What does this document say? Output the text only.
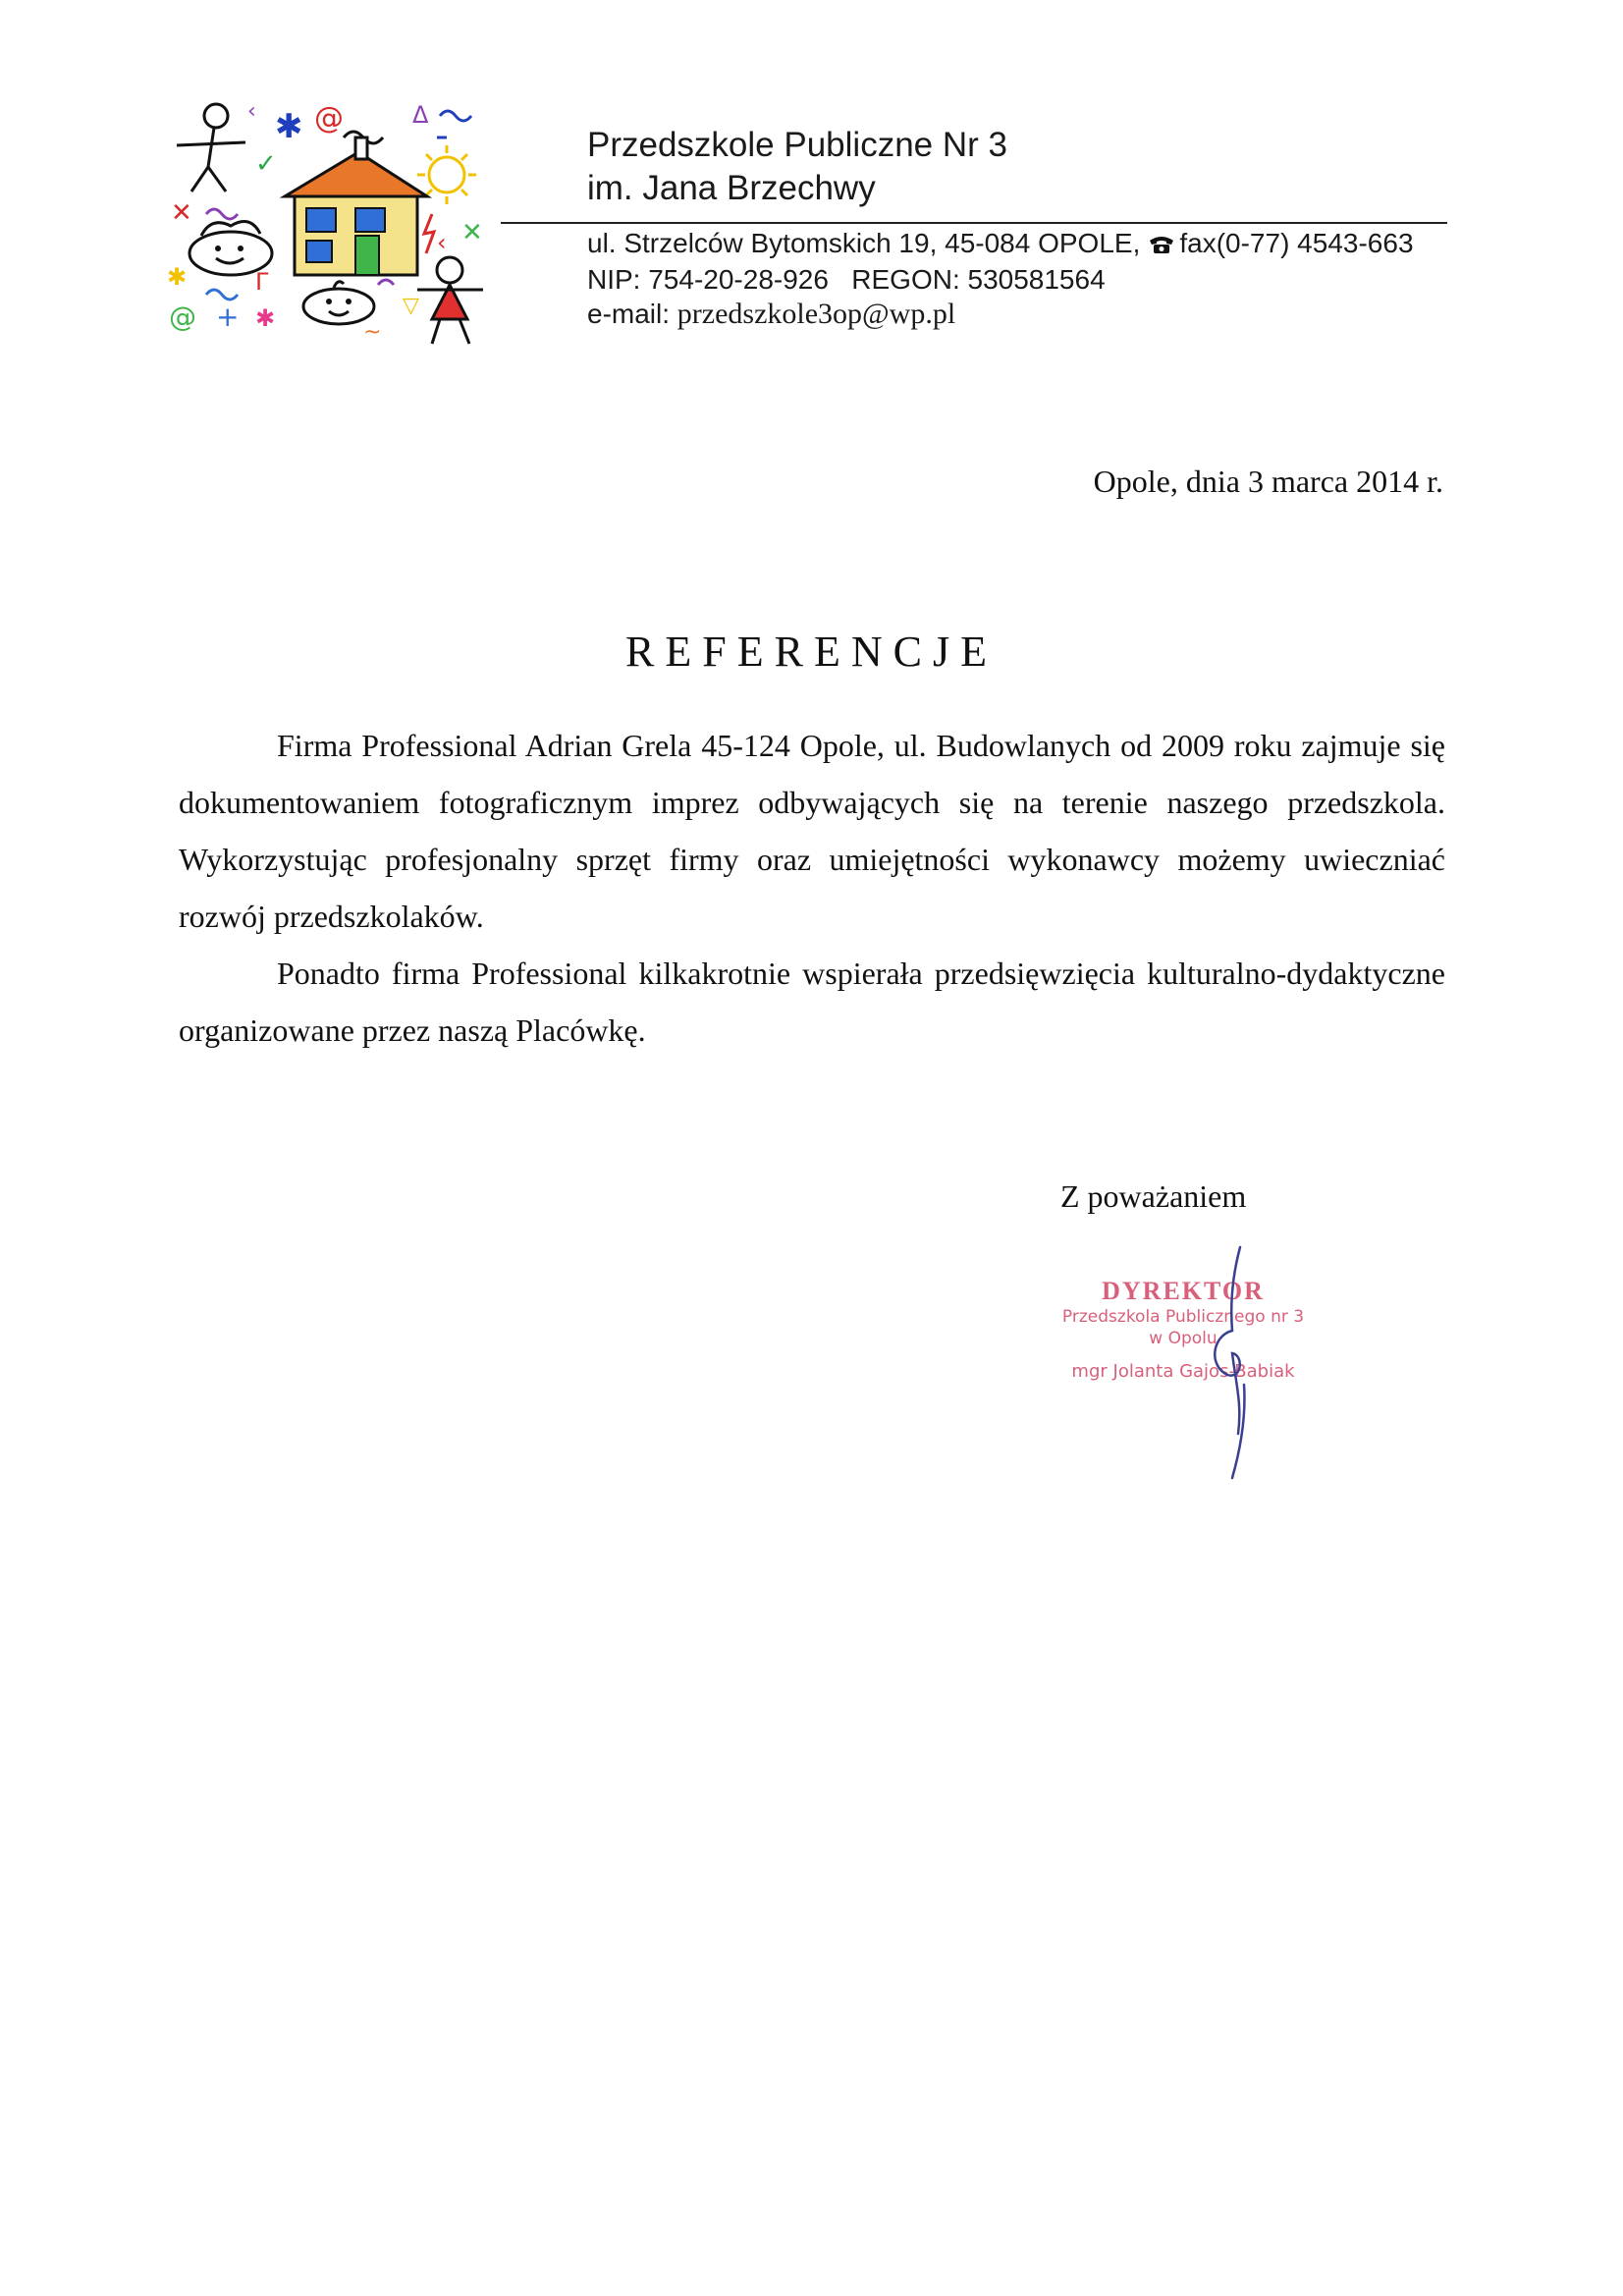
‹ ✱ @	Δ
✓
✕
✕
‹
✱	Γ
@ + ✱
~
▽
Przedszkole Publiczne Nr 3
im. Jana Brzechwy
ul. Strzelców Bytomskich 19, 45-084 OPOLE, fax(0-77) 4543-663
NIP: 754-20-28-926   REGON: 530581564
e-mail: przedszkole3op@wp.pl
Opole, dnia 3 marca 2014 r.
REFERENCJE

Firma Professional Adrian Grela 45-124 Opole, ul. Budowlanych od 2009 roku zajmuje się dokumentowaniem fotograficznym imprez odbywających się na terenie naszego przedszkola. Wykorzystując profesjonalny sprzęt firmy oraz umiejętności wykonawcy możemy uwieczniać rozwój przedszkolaków.

Ponadto firma Professional kilkakrotnie wspierała przedsięwzięcia kulturalno-dydaktyczne organizowane przez naszą Placówkę.

Z poważaniem
DYREKTOR
Przedszkola Publicznego nr 3
w Opolu
mgr Jolanta Gajos-Babiak
